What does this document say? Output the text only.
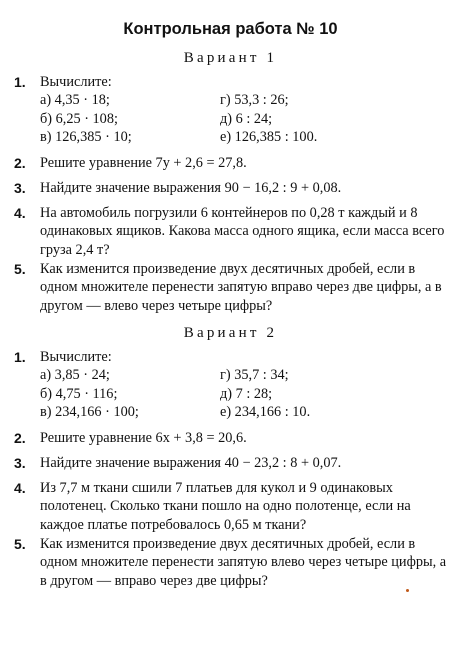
Контрольная работа № 10
Вариант 1
1.	Вычислите:
а) 4,35 · 18;	г) 53,3 : 26;
б) 6,25 · 108;	д) 6 : 24;
в) 126,385 · 10;	е) 126,385 : 100.
2.	Решите уравнение 7y + 2,6 = 27,8.
3.	Найдите значение выражения 90 − 16,2 : 9 + 0,08.
4.	На автомобиль погрузили 6 контейнеров по 0,28 т каждый и 8 одинаковых ящиков. Какова масса одного ящика, если масса всего груза 2,4 т?
5.	Как изменится произведение двух десятичных дробей, если в одном множителе перенести запятую вправо через две цифры, а в другом — влево через четыре цифры?
Вариант 2
1.	Вычислите:
а) 3,85 · 24;	г) 35,7 : 34;
б) 4,75 · 116;	д) 7 : 28;
в) 234,166 · 100;	е) 234,166 : 10.
2.	Решите уравнение 6x + 3,8 = 20,6.
3.	Найдите значение выражения 40 − 23,2 : 8 + 0,07.
4.	Из 7,7 м ткани сшили 7 платьев для кукол и 9 одинаковых полотенец. Сколько ткани пошло на одно полотенце, если на каждое платье потребовалось 0,65 м ткани?
5.	Как изменится произведение двух десятичных дробей, если в одном множителе перенести запятую влево через четыре цифры, а в другом — вправо через две цифры?
